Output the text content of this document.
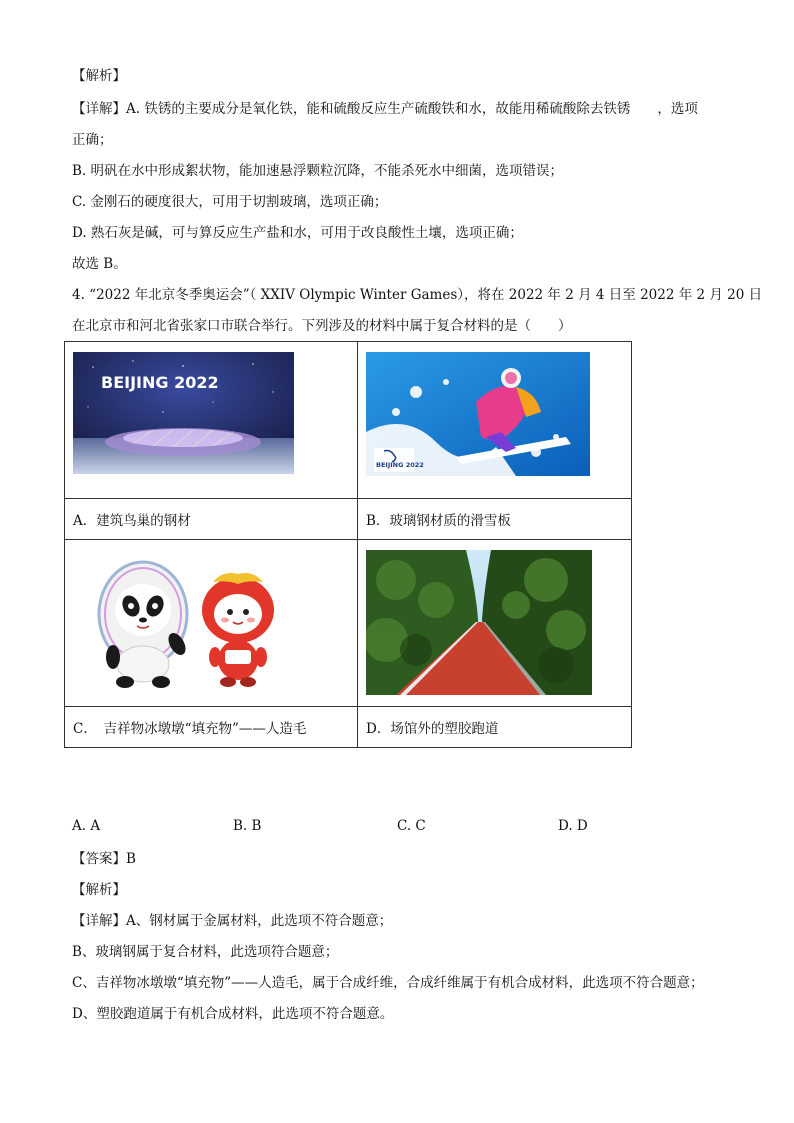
【解析】
【详解】A. 铁锈的主要成分是氧化铁，能和硫酸反应生产硫酸铁和水，故能用稀硫酸除去铁锈　　，选项
正确；
B. 明矾在水中形成絮状物，能加速悬浮颗粒沉降，不能杀死水中细菌，选项错误；
C. 金刚石的硬度很大，可用于切割玻璃，选项正确；
D. 熟石灰是碱，可与算反应生产盐和水，可用于改良酸性土壤，选项正确；
故选 B。
4. “2022 年北京冬季奥运会”（ XXIV Olympic Winter Games），将在 2022 年 2 月 4 日至 2022 年 2 月 20 日
在北京市和河北省张家口市联合举行。下列涉及的材料中属于复合材料的是（　　）
BEIJING 2022	BEIJING 2022

A．建筑鸟巢的钢材	B．玻璃钢材质的滑雪板

C．　吉祥物冰墩墩“填充物”——人造毛	D．场馆外的塑胶跑道
A. A	B. B	C. C	D. D
【答案】B
【解析】
【详解】A、钢材属于金属材料，此选项不符合题意；
B、玻璃钢属于复合材料，此选项符合题意；
C、吉祥物冰墩墩“填充物”——人造毛，属于合成纤维，合成纤维属于有机合成材料，此选项不符合题意；
D、塑胶跑道属于有机合成材料，此选项不符合题意。
